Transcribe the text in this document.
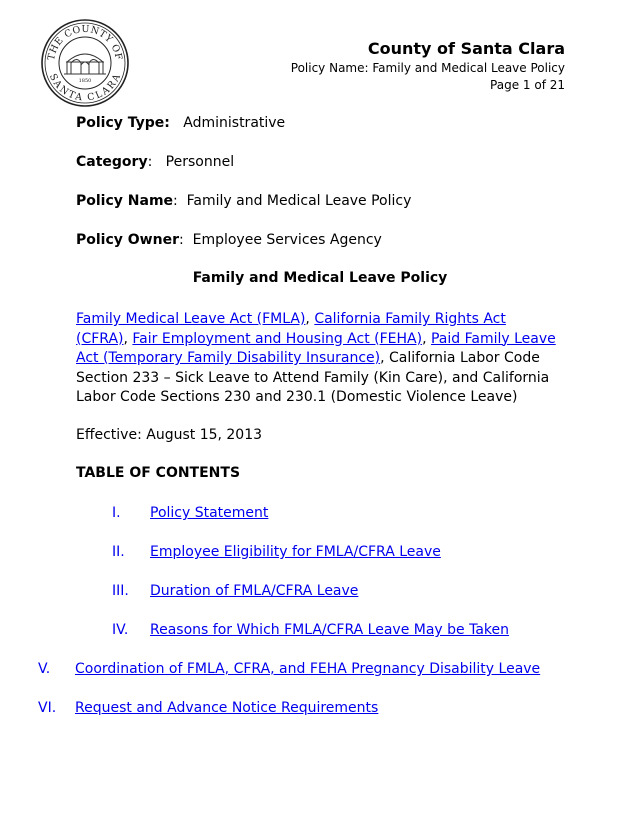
THE COUNTY OF
SANTA CLARA
1850
County of Santa Clara
Policy Name: Family and Medical Leave Policy
Page 1 of 21
Policy Type: Administrative
Category:   Personnel
Policy Name:  Family and Medical Leave Policy
Policy Owner:  Employee Services Agency
Family and Medical Leave Policy
Family Medical Leave Act (FMLA), California Family Rights Act (CFRA), Fair Employment and Housing Act (FEHA), Paid Family Leave Act (Temporary Family Disability Insurance), California Labor Code Section 233 – Sick Leave to Attend Family (Kin Care), and California Labor Code Sections 230 and 230.1 (Domestic Violence Leave)
Effective: August 15, 2013
TABLE OF CONTENTS
I. Policy Statement
II. Employee Eligibility for FMLA/CFRA Leave
III. Duration of FMLA/CFRA Leave
IV. Reasons for Which FMLA/CFRA Leave May be Taken
V. Coordination of FMLA, CFRA, and FEHA Pregnancy Disability Leave
VI. Request and Advance Notice Requirements
